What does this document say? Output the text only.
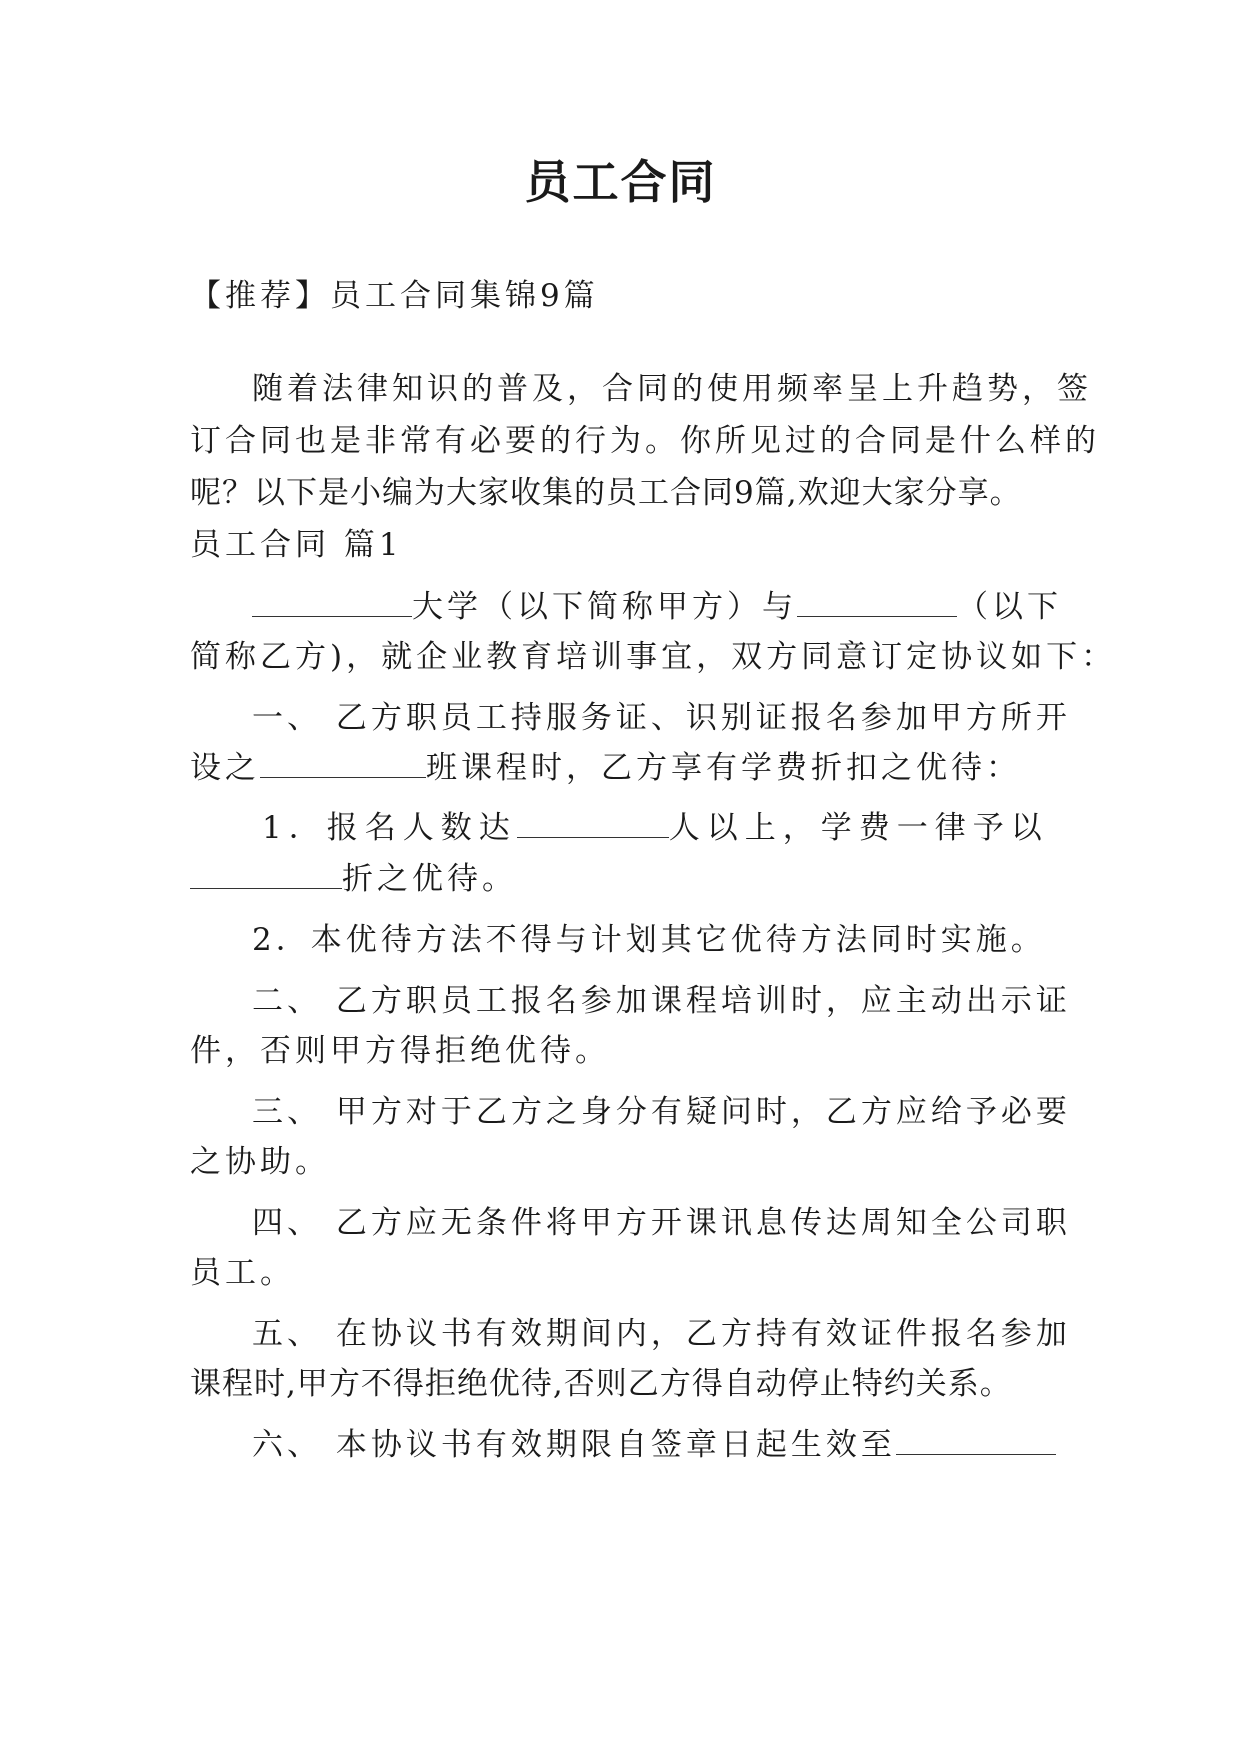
员工合同
【推荐】员工合同集锦9篇
随着法律知识的普及，合同的使用频率呈上升趋势，签
订合同也是非常有必要的行为。你所见过的合同是什么样的
呢？以下是小编为大家收集的员工合同9篇,欢迎大家分享。
员工合同 篇1
大学（以下简称甲方）与	（以下
简称乙方)，就企业教育培训事宜，双方同意订定协议如下：
一、 乙方职员工持服务证、识别证报名参加甲方所开
设之	班课程时，乙方享有学费折扣之优待：
1．报名人数达	人以上，学费一律予以
折之优待。
2．本优待方法不得与计划其它优待方法同时实施。
二、 乙方职员工报名参加课程培训时，应主动出示证
件，否则甲方得拒绝优待。
三、 甲方对于乙方之身分有疑问时，乙方应给予必要
之协助。
四、 乙方应无条件将甲方开课讯息传达周知全公司职
员工。
五、 在协议书有效期间内，乙方持有效证件报名参加
课程时,甲方不得拒绝优待,否则乙方得自动停止特约关系。
六、 本协议书有效期限自签章日起生效至
